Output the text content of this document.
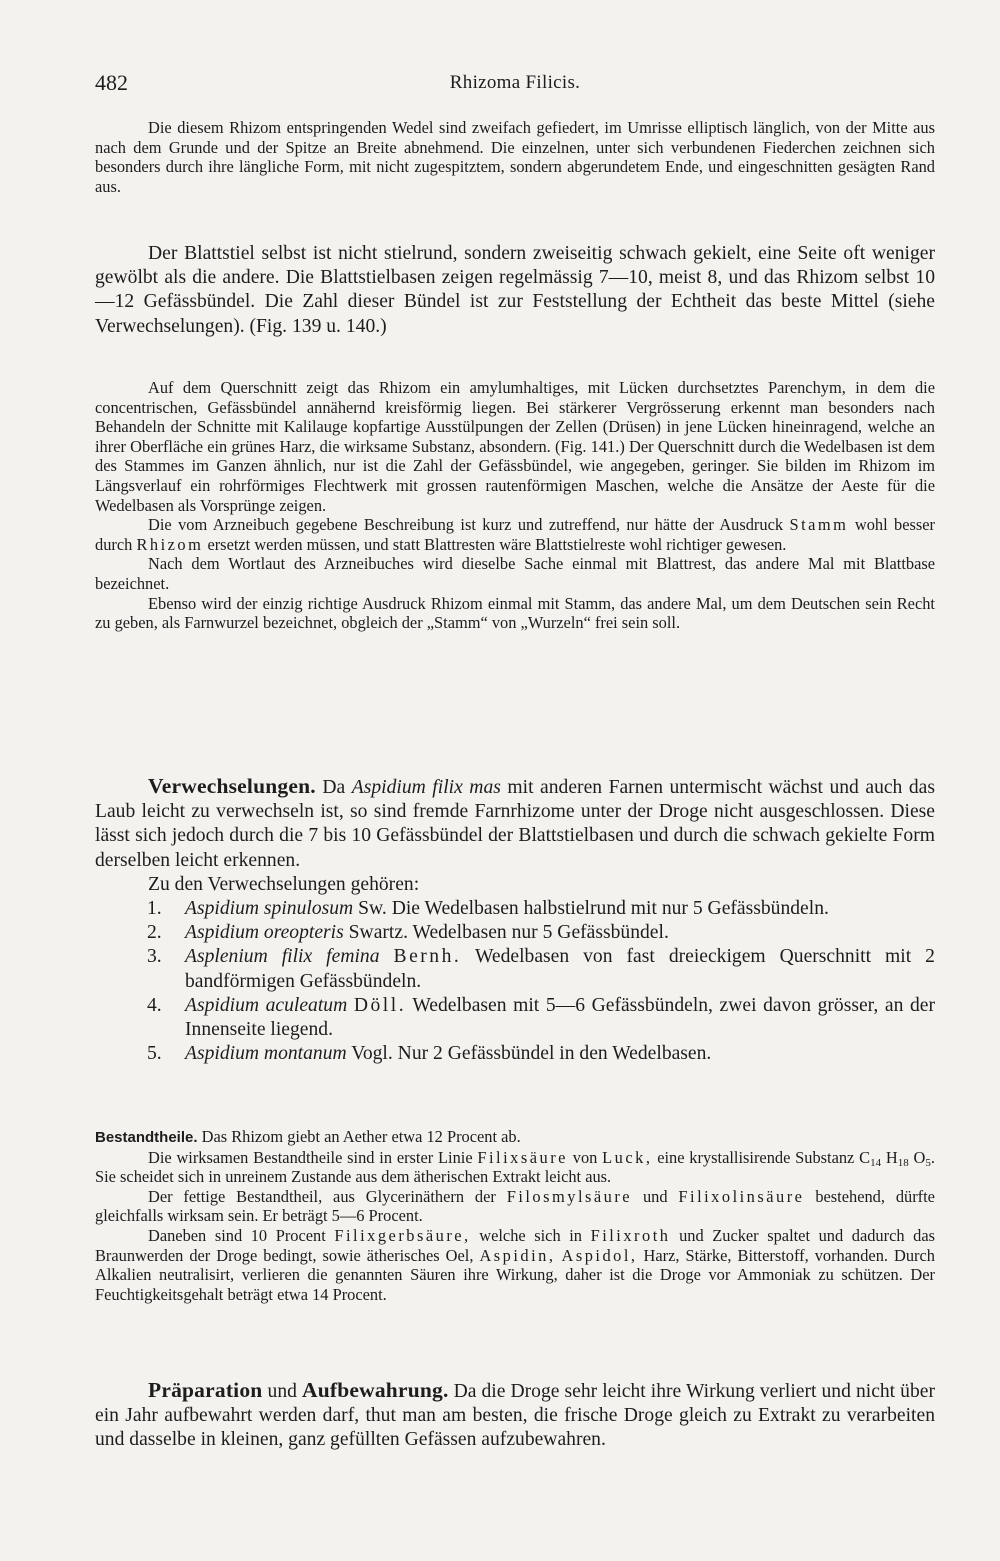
482	Rhizoma Filicis.

Die diesem Rhizom entspringenden Wedel sind zweifach gefiedert, im Umrisse elliptisch länglich, von der Mitte aus nach dem Grunde und der Spitze an Breite abnehmend. Die einzelnen, unter sich verbundenen Fiederchen zeichnen sich besonders durch ihre längliche Form, mit nicht zugespitztem, sondern abgerundetem Ende, und eingeschnitten gesägten Rand aus.

Der Blattstiel selbst ist nicht stielrund, sondern zweiseitig schwach gekielt, eine Seite oft weniger gewölbt als die andere. Die Blattstielbasen zeigen regelmässig 7—10, meist 8, und das Rhizom selbst 10—12 Gefässbündel. Die Zahl dieser Bündel ist zur Feststellung der Echtheit das beste Mittel (siehe Verwechselungen). (Fig. 139 u. 140.)

Auf dem Querschnitt zeigt das Rhizom ein amylumhaltiges, mit Lücken durchsetztes Parenchym, in dem die concentrischen, Gefässbündel annähernd kreisförmig liegen. Bei stärkerer Vergrösserung erkennt man besonders nach Behandeln der Schnitte mit Kalilauge kopfartige Ausstülpungen der Zellen (Drüsen) in jene Lücken hineinragend, welche an ihrer Oberfläche ein grünes Harz, die wirksame Substanz, absondern. (Fig. 141.) Der Querschnitt durch die Wedelbasen ist dem des Stammes im Ganzen ähnlich, nur ist die Zahl der Gefässbündel, wie angegeben, geringer. Sie bilden im Rhizom im Längsverlauf ein rohrförmiges Flechtwerk mit grossen rautenförmigen Maschen, welche die Ansätze der Aeste für die Wedelbasen als Vorsprünge zeigen.

Die vom Arzneibuch gegebene Beschreibung ist kurz und zutreffend, nur hätte der Ausdruck Stamm wohl besser durch Rhizom ersetzt werden müssen, und statt Blattresten wäre Blattstielreste wohl richtiger gewesen.

Nach dem Wortlaut des Arzneibuches wird dieselbe Sache einmal mit Blattrest, das andere Mal mit Blattbase bezeichnet.

Ebenso wird der einzig richtige Ausdruck Rhizom einmal mit Stamm, das andere Mal, um dem Deutschen sein Recht zu geben, als Farnwurzel bezeichnet, obgleich der „Stamm“ von „Wurzeln“ frei sein soll.

Verwechselungen. Da Aspidium filix mas mit anderen Farnen untermischt wächst und auch das Laub leicht zu verwechseln ist, so sind fremde Farnrhizome unter der Droge nicht ausgeschlossen. Diese lässt sich jedoch durch die 7 bis 10 Gefässbündel der Blattstielbasen und durch die schwach gekielte Form derselben leicht erkennen.

Zu den Verwechselungen gehören:

1. Aspidium spinulosum Sw. Die Wedelbasen halbstielrund mit nur 5 Gefässbündeln.
2. Aspidium oreopteris Swartz. Wedelbasen nur 5 Gefässbündel.
3. Asplenium filix femina Bernh. Wedelbasen von fast dreieckigem Querschnitt mit 2 bandförmigen Gefässbündeln.
4. Aspidium aculeatum Döll. Wedelbasen mit 5—6 Gefässbündeln, zwei davon grösser, an der Innenseite liegend.
5. Aspidium montanum Vogl. Nur 2 Gefässbündel in den Wedelbasen.

Bestandtheile. Das Rhizom giebt an Aether etwa 12 Procent ab.

Die wirksamen Bestandtheile sind in erster Linie Filixsäure von Luck, eine krystallisirende Substanz $C_{14}$ $H_{18}$ $O_5$. Sie scheidet sich in unreinem Zustande aus dem ätherischen Extrakt leicht aus.

Der fettige Bestandtheil, aus Glycerinäthern der Filosmylsäure und Filixolinsäure bestehend, dürfte gleichfalls wirksam sein. Er beträgt 5—6 Procent.

Daneben sind 10 Procent Filixgerbsäure, welche sich in Filixroth und Zucker spaltet und dadurch das Braunwerden der Droge bedingt, sowie ätherisches Oel, Aspidin, Aspidol, Harz, Stärke, Bitterstoff, vorhanden. Durch Alkalien neutralisirt, verlieren die genannten Säuren ihre Wirkung, daher ist die Droge vor Ammoniak zu schützen. Der Feuchtigkeitsgehalt beträgt etwa 14 Procent.

Präparation und Aufbewahrung. Da die Droge sehr leicht ihre Wirkung verliert und nicht über ein Jahr aufbewahrt werden darf, thut man am besten, die frische Droge gleich zu Extrakt zu verarbeiten und dasselbe in kleinen, ganz gefüllten Gefässen aufzubewahren.
